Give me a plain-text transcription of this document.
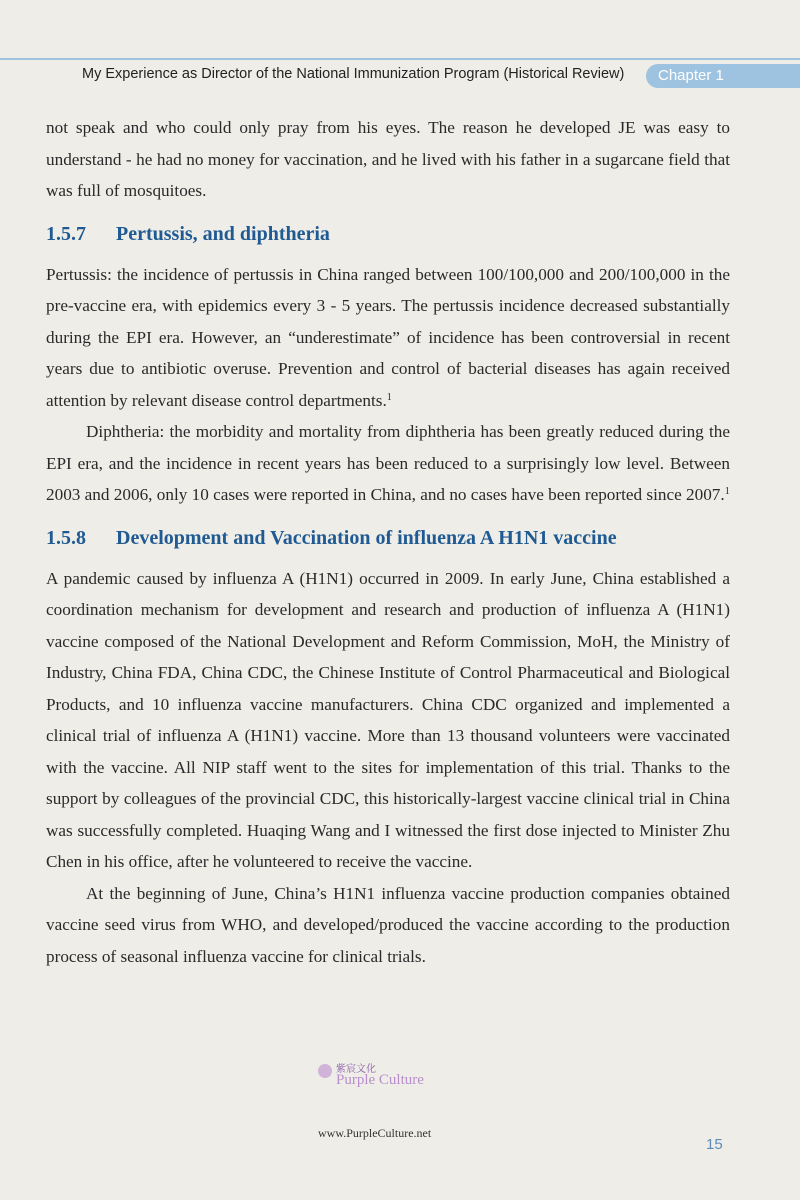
My Experience as Director of the National Immunization Program (Historical Review)	Chapter 1

not speak and who could only pray from his eyes. The reason he developed JE was easy to understand - he had no money for vaccination, and he lived with his father in a sugarcane field that was full of mosquitoes.

1.5.7 Pertussis, and diphtheria

Pertussis: the incidence of pertussis in China ranged between 100/100,000 and 200/100,000 in the pre-vaccine era, with epidemics every 3 - 5 years. The pertussis incidence decreased substantially during the EPI era. However, an “underestimate” of incidence has been controversial in recent years due to antibiotic overuse. Prevention and control of bacterial diseases has again received attention by relevant disease control departments.$^1$

Diphtheria: the morbidity and mortality from diphtheria has been greatly reduced during the EPI era, and the incidence in recent years has been reduced to a surprisingly low level. Between 2003 and 2006, only 10 cases were reported in China, and no cases have been reported since 2007.$^1$

1.5.8 Development and Vaccination of influenza A H1N1 vaccine

A pandemic caused by influenza A (H1N1) occurred in 2009. In early June, China established a coordination mechanism for development and research and production of influenza A (H1N1) vaccine composed of the National Development and Reform Commission, MoH, the Ministry of Industry, China FDA, China CDC, the Chinese Institute of Control Pharmaceutical and Biological Products, and 10 influenza vaccine manufacturers. China CDC organized and implemented a clinical trial of influenza A (H1N1) vaccine. More than 13 thousand volunteers were vaccinated with the vaccine. All NIP staff went to the sites for implementation of this trial. Thanks to the support by colleagues of the provincial CDC, this historically-largest vaccine clinical trial in China was successfully completed. Huaqing Wang and I witnessed the first dose injected to Minister Zhu Chen in his office, after he volunteered to receive the vaccine.

At the beginning of June, China’s H1N1 influenza vaccine production companies obtained vaccine seed virus from WHO, and developed/produced the vaccine according to the production process of seasonal influenza vaccine for clinical trials.

紫宸文化
Purple Culture
www.PurpleCulture.net
15
